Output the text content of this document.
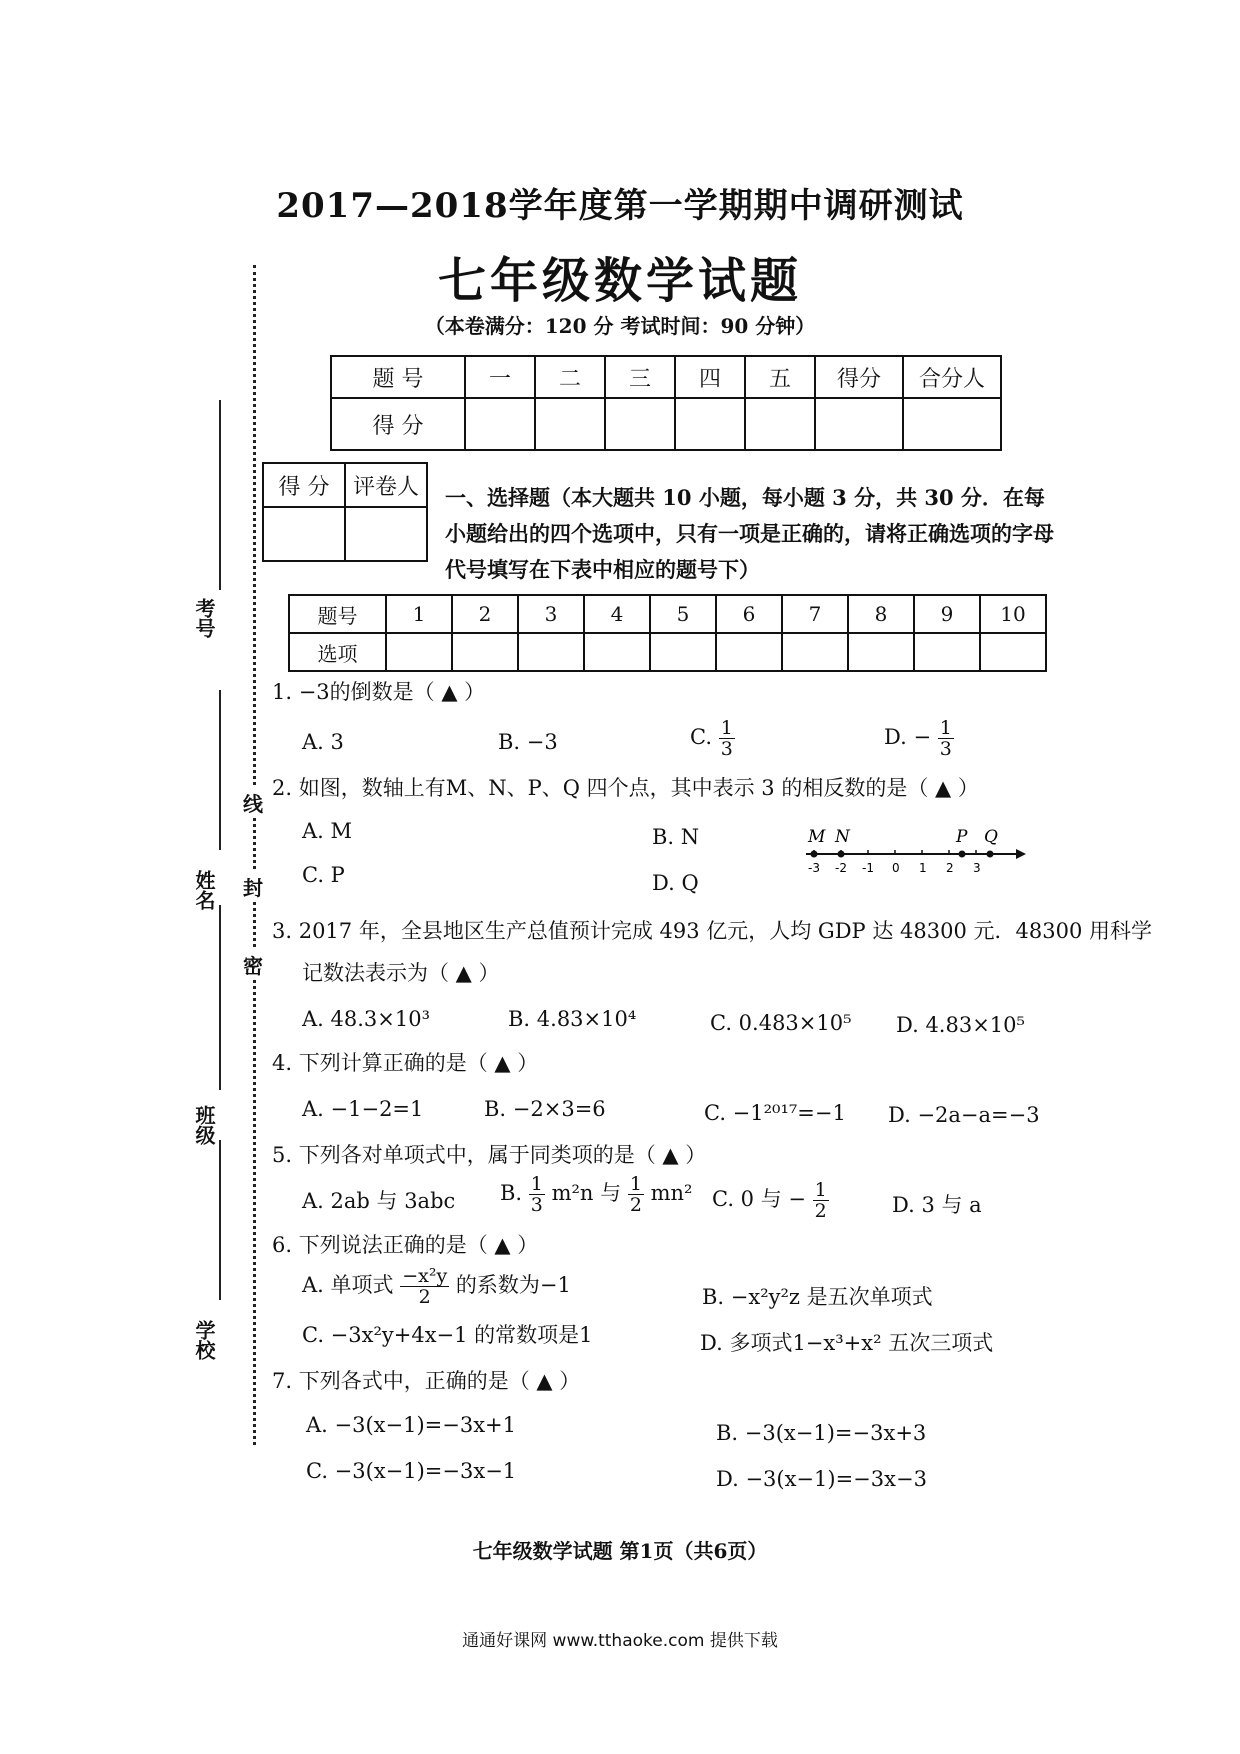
2017—2018学年度第一学期期中调研测试
七年级数学试题
（本卷满分：120 分 考试时间：90 分钟）
考号
姓名
班级
学校
线
封
密
题 号	一	二	三	四	五	得分	合分人
得 分							
得 分	评卷人
	一、选择题（本大题共 10 小题，每小题 3 分，共 30 分．在每小题给出的四个选项中，只有一项是正确的，请将正确选项的字母代号填写在下表中相应的题号下）
题号	1	2	3	4	5	6	7	8	9	10
选项										
1. −3的倒数是（ ▲ ）
A. 3	B. −3	C. $\frac{1}{3}$	D. − $\frac{1}{3}$
2. 如图，数轴上有M、N、P、Q 四个点，其中表示 3 的相反数的是（ ▲ ）
A. M	B. N
C. P	D. Q
M N	P Q
-3 -2 -1 0 1 2 3
3. 2017 年，全县地区生产总值预计完成 493 亿元，人均 GDP 达 48300 元．48300 用科学
记数法表示为（ ▲ ）
A. 48.3×10³	B. 4.83×10⁴	C. 0.483×10⁵ D. 4.83×10⁵
4. 下列计算正确的是（ ▲ ）
A. −1−2=1	B. −2×3=6	C. −1²⁰¹⁷=−1 D. −2a−a=−3
5. 下列各对单项式中，属于同类项的是（ ▲ ）
A. 2ab 与 3abc B. $\frac{1}{3} m^2n$ 与 $\frac{1}{2} mn^2$ C. 0 与 − $\frac{1}{2}$	D. 3 与 a
6. 下列说法正确的是（ ▲ ）
A. 单项式 $\frac{\text{−x²y}}{2}$ 的系数为−1	B. −x²y²z 是五次单项式
C. −3x²y+4x−1 的常数项是1	D. 多项式1−x³+x² 五次三项式
7. 下列各式中，正确的是（ ▲ ）
A. −3(x−1)=−3x+1	B. −3(x−1)=−3x+3
C. −3(x−1)=−3x−1	D. −3(x−1)=−3x−3
七年级数学试题 第1页（共6页）
通通好课网 www.tthaoke.com 提供下载
